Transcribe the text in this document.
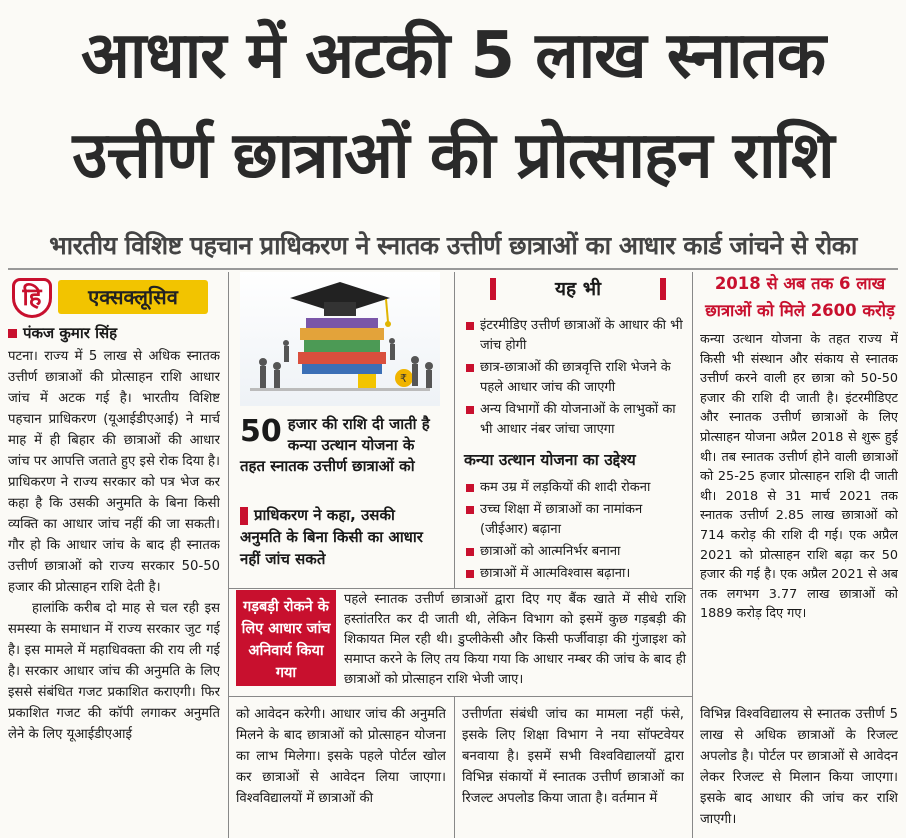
आधार में अटकी 5 लाख स्नातक
उत्तीर्ण छात्राओं की प्रोत्साहन राशि
भारतीय विशिष्ट पहचान प्राधिकरण ने स्नातक उत्तीर्ण छात्राओं का आधार कार्ड जांचने से रोका
हि	एक्सक्लूसिव
पंकज कुमार सिंह

पटना। राज्य में 5 लाख से अधिक स्नातक उत्तीर्ण छात्राओं की प्रोत्साहन राशि आधार जांच में अटक गई है। भारतीय विशिष्ट पहचान प्राधिकरण (यूआईडीएआई) ने मार्च माह में ही बिहार की छात्राओं की आधार जांच पर आपत्ति जताते हुए इसे रोक दिया है। प्राधिकरण ने राज्य सरकार को पत्र भेज कर कहा है कि उसकी अनुमति के बिना किसी व्यक्ति का आधार जांच नहीं की जा सकती। गौर हो कि आधार जांच के बाद ही स्नातक उत्तीर्ण छात्राओं को राज्य सरकार 50-50 हजार की प्रोत्साहन राशि देती है।

हालांकि करीब दो माह से चल रही इस समस्या के समाधान में राज्य सरकार जुट गई है। इस मामले में महाधिवक्ता की राय ली गई है। सरकार आधार जांच की अनुमति के लिए इससे संबंधित गजट प्रकाशित कराएगी। फिर प्रकाशित गजट की कॉपी लगाकर अनुमति लेने के लिए यूआईडीएआई

₹
50 हजार की राशि दी जाती है कन्या उत्थान योजना के तहत स्नातक उत्तीर्ण छात्राओं को
प्राधिकरण ने कहा, उसकी अनुमति के बिना किसी का आधार नहीं जांच सकते
यह भी
इंटरमीडिए उत्तीर्ण छात्राओं के आधार की भी जांच होगी
छात्र-छात्राओं की छात्रवृत्ति राशि भेजने के पहले आधार जांच की जाएगी
अन्य विभागों की योजनाओं के लाभुकों का भी आधार नंबर जांचा जाएगा
कन्या उत्थान योजना का उद्देश्य
कम उम्र में लड़कियों की शादी रोकना
उच्च शिक्षा में छात्राओं का नामांकन (जीईआर) बढ़ाना
छात्राओं को आत्मनिर्भर बनाना
छात्राओं में आत्मविश्वास बढ़ाना।
2018 से अब तक 6 लाख छात्राओं को मिले 2600 करोड़
कन्या उत्थान योजना के तहत राज्य में किसी भी संस्थान और संकाय से स्नातक उत्तीर्ण करने वाली हर छात्रा को 50-50 हजार की राशि दी जाती है। इंटरमीडिएट और स्नातक उत्तीर्ण छात्राओं के लिए प्रोत्साहन योजना अप्रैल 2018 से शुरू हुई थी। तब स्नातक उत्तीर्ण होने वाली छात्राओं को 25-25 हजार प्रोत्साहन राशि दी जाती थी। 2018 से 31 मार्च 2021 तक स्नातक उत्तीर्ण 2.85 लाख छात्राओं को 714 करोड़ की राशि दी गई। एक अप्रैल 2021 को प्रोत्साहन राशि बढ़ा कर 50 हजार की गई है। एक अप्रैल 2021 से अब तक लगभग 3.77 लाख छात्राओं को 1889 करोड़ दिए गए।
गड़बड़ी रोकने के लिए आधार जांच अनिवार्य किया गया
पहले स्नातक उत्तीर्ण छात्राओं द्वारा दिए गए बैंक खाते में सीधे राशि हस्तांतरित कर दी जाती थी, लेकिन विभाग को इसमें कुछ गड़बड़ी की शिकायत मिल रही थी। डुप्लीकेसी और किसी फर्जीवाड़ा की गुंजाइश को समाप्त करने के लिए तय किया गया कि आधार नम्बर की जांच के बाद ही छात्राओं को प्रोत्साहन राशि भेजी जाए।
को आवेदन करेगी। आधार जांच की अनुमति मिलने के बाद छात्राओं को प्रोत्साहन योजना का लाभ मिलेगा। इसके पहले पोर्टल खोल कर छात्राओं से आवेदन लिया जाएगा। विश्वविद्यालयों में छात्राओं की
उत्तीर्णता संबंधी जांच का मामला नहीं फंसे, इसके लिए शिक्षा विभाग ने नया सॉफ्टवेयर बनवाया है। इसमें सभी विश्वविद्यालयों द्वारा विभिन्न संकायों में स्नातक उत्तीर्ण छात्राओं का रिजल्ट अपलोड किया जाता है। वर्तमान में
विभिन्न विश्वविद्यालय से स्नातक उत्तीर्ण 5 लाख से अधिक छात्राओं के रिजल्ट अपलोड है। पोर्टल पर छात्राओं से आवेदन लेकर रिजल्ट से मिलान किया जाएगा। इसके बाद आधार की जांच कर राशि जाएगी।
